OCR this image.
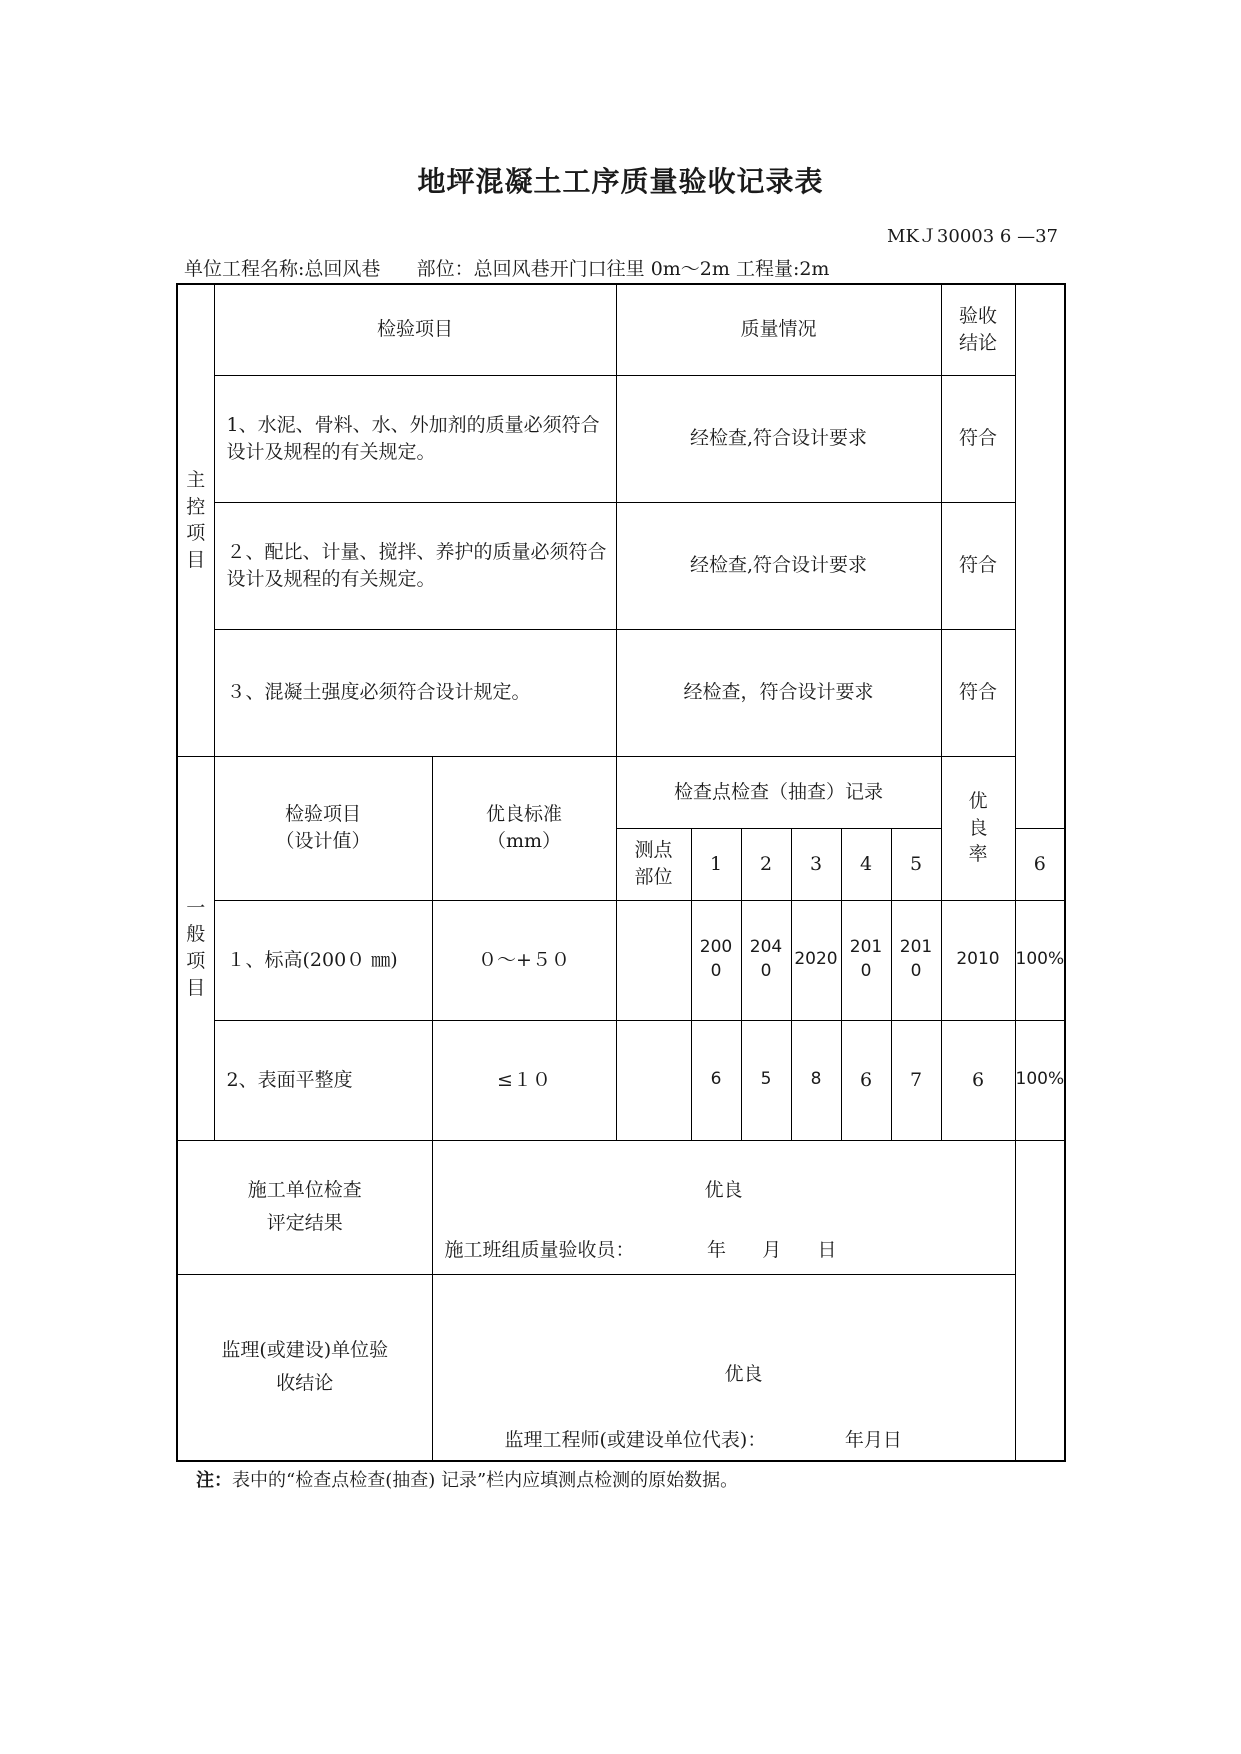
地坪混凝土工序质量验收记录表
MKＪ30003 6 —37
单位工程名称:总回风巷 部位：总回风巷开门口往里 0m～2m 工程量:2m
主控项目	检验项目		质量情况						验收结论	

	1、水泥、骨料、水、外加剂的质量必须符合设计及规程的有关规定。		经检查,符合设计要求						符合	
	２、配比、计量、搅拌、养护的质量必须符合设计及规程的有关规定。		经检查,符合设计要求						符合	
	３、混凝土强度必须符合设计规定。		经检查，符合设计要求						符合	

一般项目	检验项目（设计值）	优良标准（mm）	检查点检查（抽查）记录						优良率	

			测点部位	1	2	3	4	5		6
	１、标高(200０ ㎜)	０～+５０		2000	2040	2020	2010	2010	2010	100%
	2、表面平整度	≤１０		6	5	8	6	7	6	100%

施工单位检查评定结果		优良
施工班组质量验收员：            年      月      日								

监理(或建设)单位验收结论		优良
监理工程师(或建设单位代表)：             年月日								
注：表中的“检查点检查(抽查) 记录”栏内应填测点检测的原始数据。
